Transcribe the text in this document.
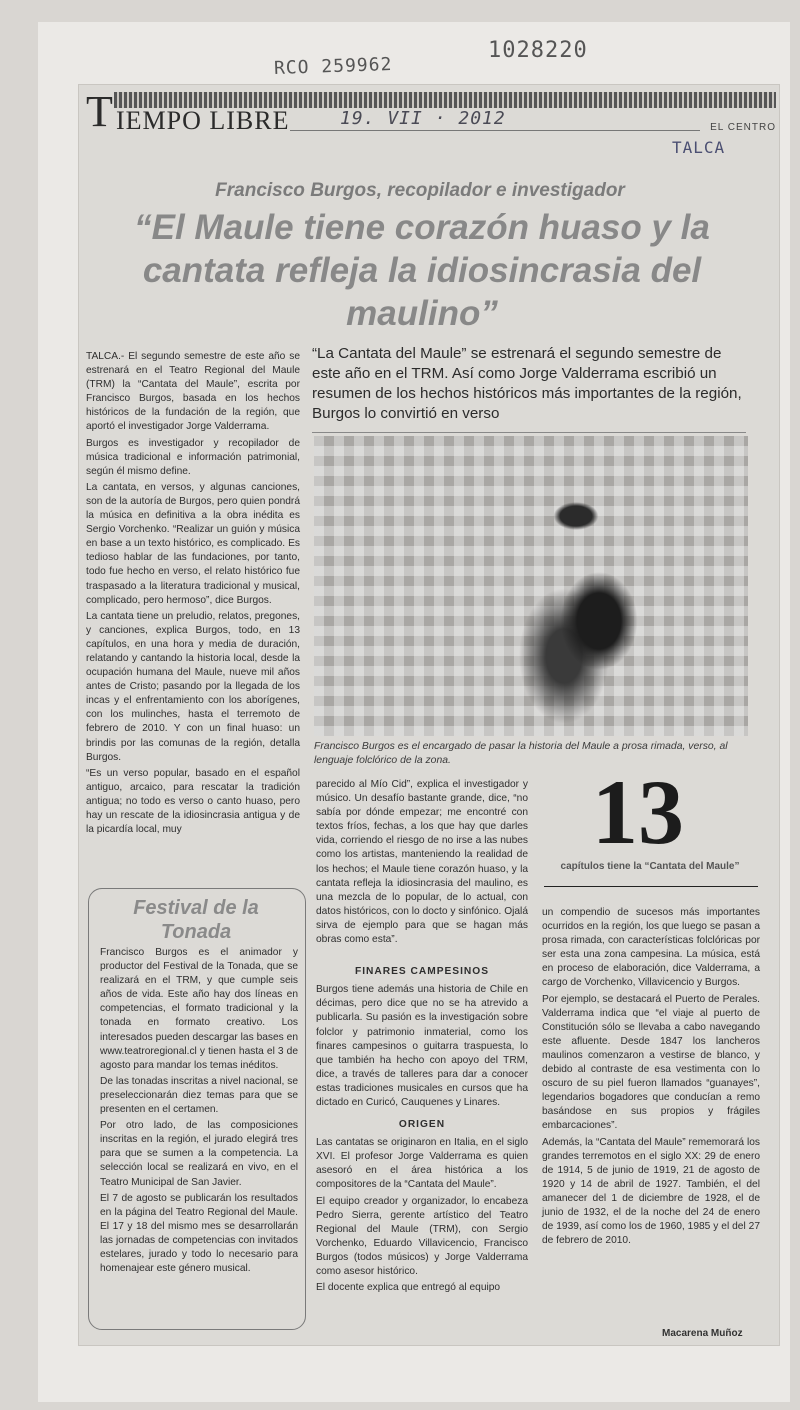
1028220
RCO 259962
19. VII · 2012
TALCA
T IEMPO LIBRE	EL CENTRO
Francisco Burgos, recopilador e investigador
“El Maule tiene corazón huaso y la cantata refleja la idiosincrasia del maulino”

TALCA.- El segundo semestre de este año se estrenará en el Teatro Regional del Maule (TRM) la “Cantata del Maule”, escrita por Francisco Burgos, basada en los hechos históricos de la fundación de la región, que aportó el investigador Jorge Valderrama.

Burgos es investigador y recopilador de música tradicional e información patrimonial, según él mismo define.

La cantata, en versos, y algunas canciones, son de la autoría de Burgos, pero quien pondrá la música en definitiva a la obra inédita es Sergio Vorchenko. “Realizar un guión y música en base a un texto histórico, es complicado. Es tedioso hablar de las fundaciones, por tanto, todo fue hecho en verso, el relato histórico fue traspasado a la literatura tradicional y musical, complicado, pero hermoso”, dice Burgos.

La cantata tiene un preludio, relatos, pregones, y canciones, explica Burgos, todo, en 13 capítulos, en una hora y media de duración, relatando y cantando la historia local, desde la ocupación humana del Maule, nueve mil años antes de Cristo; pasando por la llegada de los incas y el enfrentamiento con los aborígenes, con los mulinches, hasta el terremoto de febrero de 2010. Y con un final huaso: un brindis por las comunas de la región, detalla Burgos.

“Es un verso popular, basado en el español antiguo, arcaico, para rescatar la tradición antigua; no todo es verso o canto huaso, pero hay un rescate de la idiosincrasia antigua y de la picardía local, muy

“La Cantata del Maule” se estrenará el segundo semestre de este año en el TRM. Así como Jorge Valderrama escribió un resumen de los hechos históricos más importantes de la región, Burgos lo convirtió en verso
Francisco Burgos es el encargado de pasar la historia del Maule a prosa rimada, verso, al lenguaje folclórico de la zona.

parecido al Mío Cid”, explica el investigador y músico. Un desafío bastante grande, dice, “no sabía por dónde empezar; me encontré con textos fríos, fechas, a los que hay que darles vida, corriendo el riesgo de no irse a las nubes como los artistas, manteniendo la realidad de los hechos; el Maule tiene corazón huaso, y la cantata refleja la idiosincrasia del maulino, es una mezcla de lo popular, de lo actual, con datos históricos, con lo docto y sinfónico. Ojalá sirva de ejemplo para que se hagan más obras como esta”.

FINARES CAMPESINOS

Burgos tiene además una historia de Chile en décimas, pero dice que no se ha atrevido a publicarla. Su pasión es la investigación sobre folclor y patrimonio inmaterial, como los finares campesinos o guitarra traspuesta, lo que también ha hecho con apoyo del TRM, dice, a través de talleres para dar a conocer estas tradiciones musicales en cursos que ha dictado en Curicó, Cauquenes y Linares.

ORIGEN

Las cantatas se originaron en Italia, en el siglo XVI. El profesor Jorge Valderrama es quien asesoró en el área histórica a los compositores de la “Cantata del Maule”.

El equipo creador y organizador, lo encabeza Pedro Sierra, gerente artístico del Teatro Regional del Maule (TRM), con Sergio Vorchenko, Eduardo Villavicencio, Francisco Burgos (todos músicos) y Jorge Valderrama como asesor histórico.

El docente explica que entregó al equipo

13
capítulos tiene la “Cantata del Maule”

un compendio de sucesos más importantes ocurridos en la región, los que luego se pasan a prosa rimada, con características folclóricas por ser esta una zona campesina. La música, está en proceso de elaboración, dice Valderrama, a cargo de Vorchenko, Villavicencio y Burgos.

Por ejemplo, se destacará el Puerto de Perales. Valderrama indica que “el viaje al puerto de Constitución sólo se llevaba a cabo navegando este afluente. Desde 1847 los lancheros maulinos comenzaron a vestirse de blanco, y debido al contraste de esa vestimenta con lo oscuro de su piel fueron llamados “guanayes”, legendarios bogadores que conducían a remo basándose en sus propios y frágiles embarcaciones”.

Además, la “Cantata del Maule” rememorará los grandes terremotos en el siglo XX: 29 de enero de 1914, 5 de junio de 1919, 21 de agosto de 1920 y 14 de abril de 1927. También, el del amanecer del 1 de diciembre de 1928, el de junio de 1932, el de la noche del 24 de enero de 1939, así como los de 1960, 1985 y el del 27 de febrero de 2010.

Festival de la Tonada

Francisco Burgos es el animador y productor del Festival de la Tonada, que se realizará en el TRM, y que cumple seis años de vida. Este año hay dos líneas en competencias, el formato tradicional y la tonada en formato creativo. Los interesados pueden descargar las bases en www.teatroregional.cl y tienen hasta el 3 de agosto para mandar los temas inéditos.

De las tonadas inscritas a nivel nacional, se preseleccionarán diez temas para que se presenten en el certamen.

Por otro lado, de las composiciones inscritas en la región, el jurado elegirá tres para que se sumen a la competencia. La selección local se realizará en vivo, en el Teatro Municipal de San Javier.

El 7 de agosto se publicarán los resultados en la página del Teatro Regional del Maule. El 17 y 18 del mismo mes se desarrollarán las jornadas de competencias con invitados estelares, jurado y todo lo necesario para homenajear este género musical.

Macarena Muñoz
